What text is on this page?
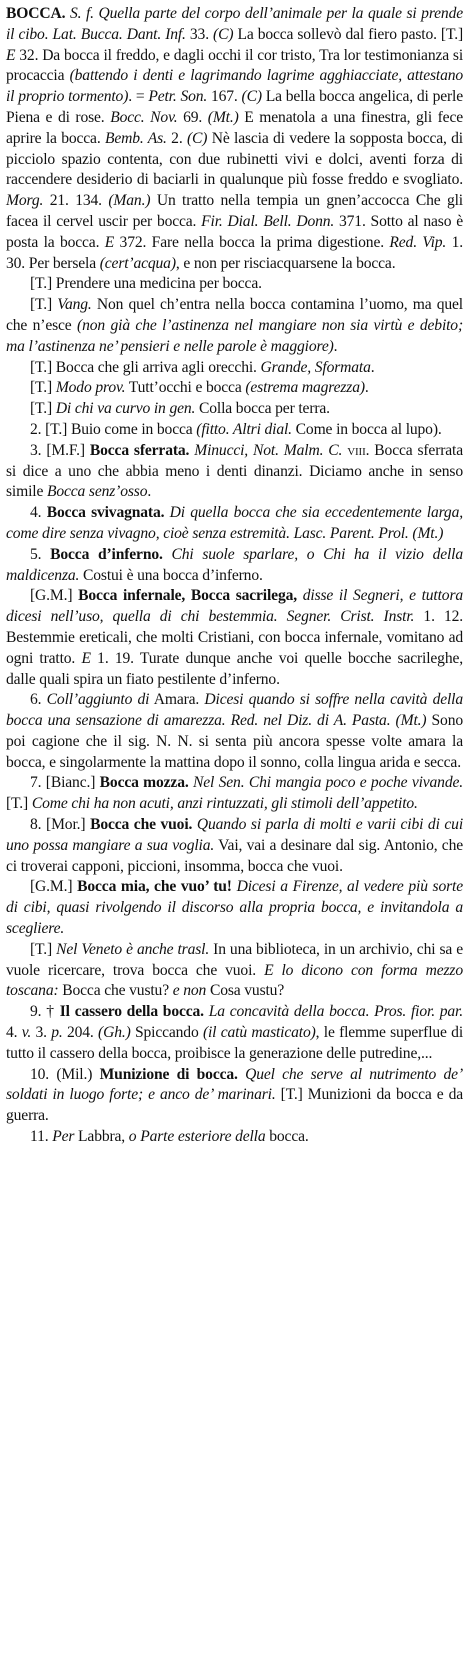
BOCCA. S. f. Quella parte del corpo dell’animale per la quale si prende il cibo. Lat. Bucca. Dant. Inf. 33. (C) La bocca sollevò dal fiero pasto. [T.] E 32. Da bocca il freddo, e dagli occhi il cor tristo, Tra lor testimonianza si procaccia (battendo i denti e lagrimando lagrime agghiacciate, attestano il proprio tormento). = Petr. Son. 167. (C) La bella bocca angelica, di perle Piena e di rose. Bocc. Nov. 69. (Mt.) E menatola a una finestra, gli fece aprire la bocca. Bemb. As. 2. (C) Nè lascia di vedere la sopposta bocca, di picciolo spazio contenta, con due rubinetti vivi e dolci, aventi forza di raccendere desiderio di baciarli in qualunque più fosse freddo e svogliato. Morg. 21. 134. (Man.) Un tratto nella tempia un gnen’accocca Che gli facea il cervel uscir per bocca. Fir. Dial. Bell. Donn. 371. Sotto al naso è posta la bocca. E 372. Fare nella bocca la prima digestione. Red. Vip. 1. 30. Per bersela (cert’acqua), e non per risciacquarsene la bocca.

[T.] Prendere una medicina per bocca.

[T.] Vang. Non quel ch’entra nella bocca contamina l’uomo, ma quel che n’esce (non già che l’astinenza nel mangiare non sia virtù e debito; ma l’astinenza ne’ pensieri e nelle parole è maggiore).

[T.] Bocca che gli arriva agli orecchi. Grande, Sformata.

[T.] Modo prov. Tutt’occhi e bocca (estrema magrezza).

[T.] Di chi va curvo in gen. Colla bocca per terra.

2. [T.] Buio come in bocca (fitto. Altri dial. Come in bocca al lupo).

3. [M.F.] Bocca sferrata. Minucci, Not. Malm. C. viii. Bocca sferrata si dice a uno che abbia meno i denti dinanzi. Diciamo anche in senso simile Bocca senz’osso.

4. Bocca svivagnata. Di quella bocca che sia eccedentemente larga, come dire senza vivagno, cioè senza estremità. Lasc. Parent. Prol. (Mt.)

5. Bocca d’inferno. Chi suole sparlare, o Chi ha il vizio della maldicenza. Costui è una bocca d’inferno.

[G.M.] Bocca infernale, Bocca sacrilega, disse il Segneri, e tuttora dicesi nell’uso, quella di chi bestemmia. Segner. Crist. Instr. 1. 12. Bestemmie ereticali, che molti Cristiani, con bocca infernale, vomitano ad ogni tratto. E 1. 19. Turate dunque anche voi quelle bocche sacrileghe, dalle quali spira un fiato pestilente d’inferno.

6. Coll’aggiunto di Amara. Dicesi quando si soffre nella cavità della bocca una sensazione di amarezza. Red. nel Diz. di A. Pasta. (Mt.) Sono poi cagione che il sig. N. N. si senta più ancora spesse volte amara la bocca, e singolarmente la mattina dopo il sonno, colla lingua arida e secca.

7. [Bianc.] Bocca mozza. Nel Sen. Chi mangia poco e poche vivande. [T.] Come chi ha non acuti, anzi rintuzzati, gli stimoli dell’appetito.

8. [Mor.] Bocca che vuoi. Quando si parla di molti e varii cibi di cui uno possa mangiare a sua voglia. Vai, vai a desinare dal sig. Antonio, che ci troverai capponi, piccioni, insomma, bocca che vuoi.

[G.M.] Bocca mia, che vuo’ tu! Dicesi a Firenze, al vedere più sorte di cibi, quasi rivolgendo il discorso alla propria bocca, e invitandola a scegliere.

[T.] Nel Veneto è anche trasl. In una biblioteca, in un archivio, chi sa e vuole ricercare, trova bocca che vuoi. E lo dicono con forma mezzo toscana: Bocca che vustu? e non Cosa vustu?

9. † Il cassero della bocca. La concavità della bocca. Pros. fior. par. 4. v. 3. p. 204. (Gh.) Spiccando (il catù masticato), le flemme superflue di tutto il cassero della bocca, proibisce la generazione delle putredine,...

10. (Mil.) Munizione di bocca. Quel che serve al nutrimento de’ soldati in luogo forte; e anco de’ marinari. [T.] Munizioni da bocca e da guerra.

11. Per Labbra, o Parte esteriore della bocca.
